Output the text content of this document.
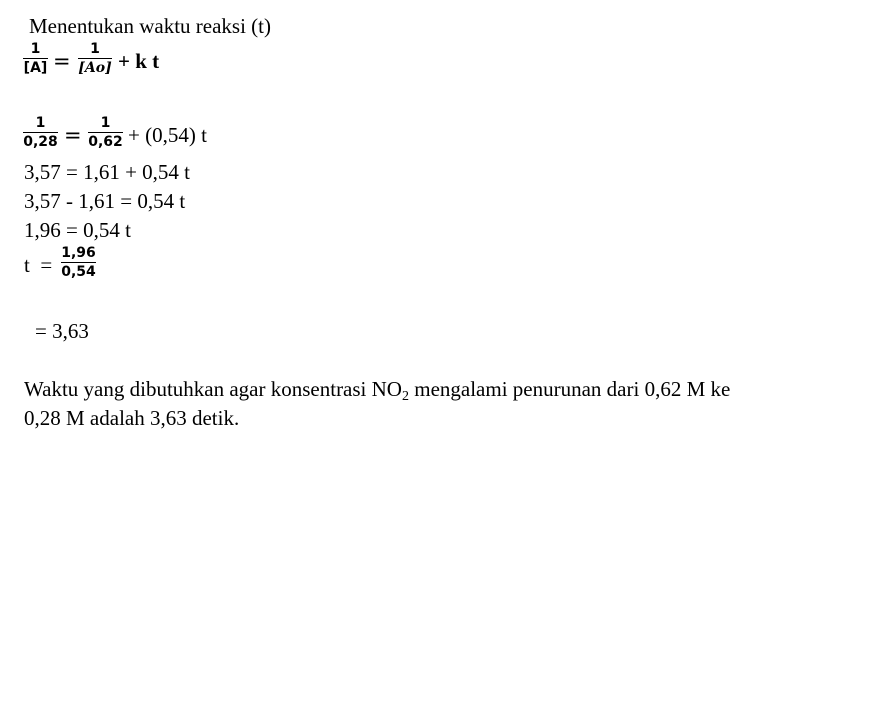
Menentukan waktu reaksi (t)
1
[A] =	1
[Ao] + k t
1
0,28 =	1
0,62 + (0,54) t
3,57 = 1,61 + 0,54 t
3,57 - 1,61 = 0,54 t
1,96 = 0,54 t
t  = 1,96
0,54
= 3,63
Waktu yang dibutuhkan agar konsentrasi $NO_2$ mengalami penurunan dari 0,62 M ke
0,28 M adalah 3,63 detik.
